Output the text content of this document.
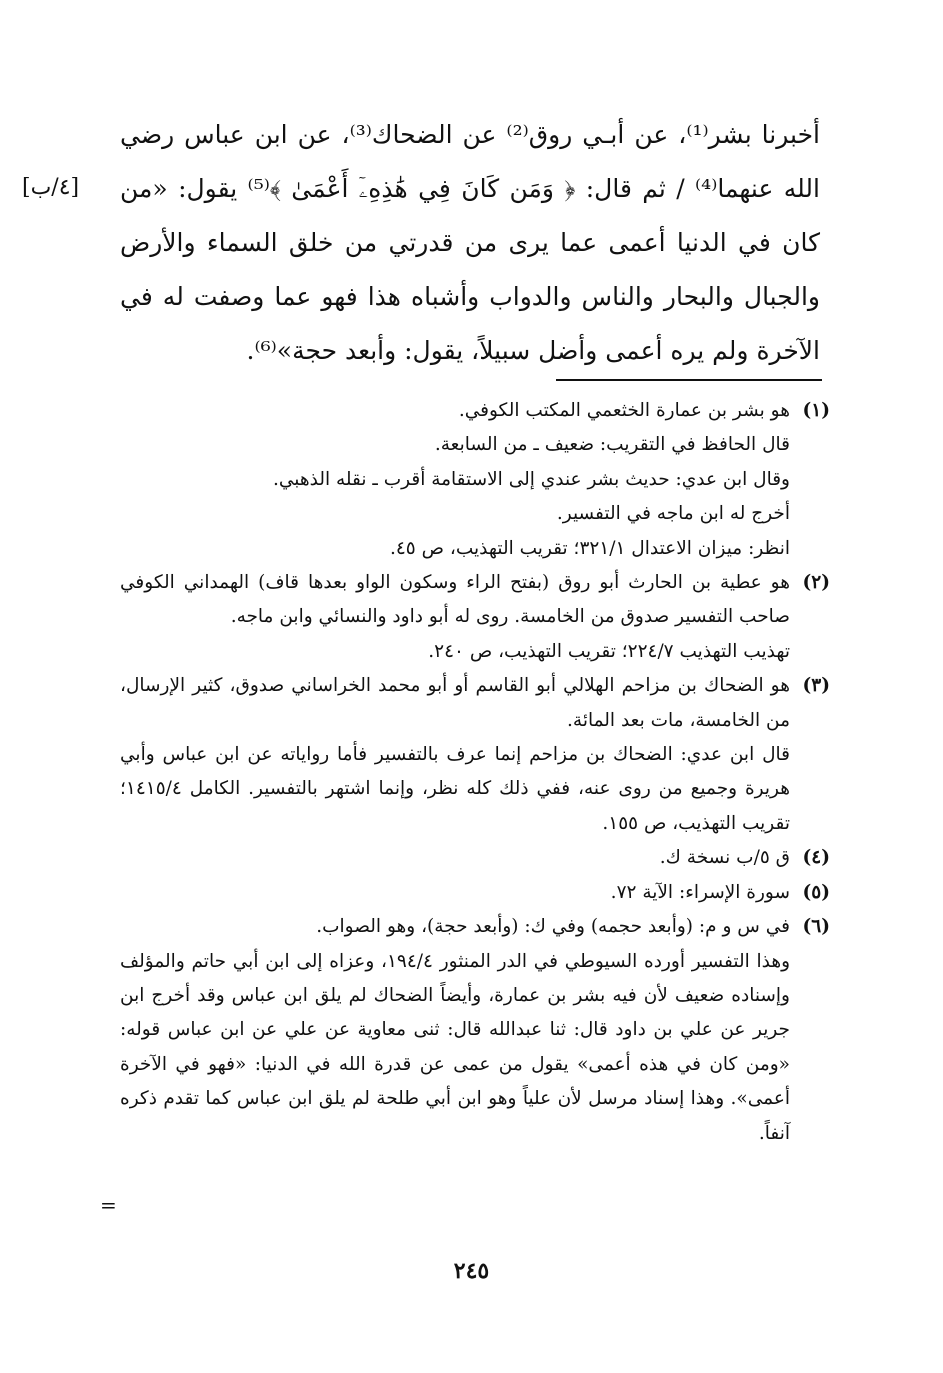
أخبرنا بشر⁽¹⁾، عن أبـي روق⁽²⁾ عن الضحاك⁽³⁾، عن ابن عباس رضي الله عنهما⁽⁴⁾ / ثم قال: ﴿ وَمَن كَانَ فِي هَٰذِهِۦٓ أَعْمَىٰ ﴾⁽⁵⁾ يقول: «من كان في الدنيا أعمى عما يرى من قدرتي من خلق السماء والأرض والجبال والبحار والناس والدواب وأشباه هذا فهو عما وصفت له في الآخرة ولم يره أعمى وأضل سبيلاً، يقول: وأبعد حجة»⁽⁶⁾.

[٤/ب]
(١)
هو بشر بن عمارة الخثعمي المكتب الكوفي.
قال الحافظ في التقريب: ضعيف ـ من السابعة.
وقال ابن عدي: حديث بشر عندي إلى الاستقامة أقرب ـ نقله الذهبي.
أخرج له ابن ماجه في التفسير.
انظر: ميزان الاعتدال ٣٢١/١؛ تقريب التهذيب، ص ٤٥.
(٢)
هو عطية بن الحارث أبو روق (بفتح الراء وسكون الواو بعدها قاف) الهمداني الكوفي صاحب التفسير صدوق من الخامسة. روى له أبو داود والنسائي وابن ماجه.
تهذيب التهذيب ٢٢٤/٧؛ تقريب التهذيب، ص ٢٤٠.
(٣)
هو الضحاك بن مزاحم الهلالي أبو القاسم أو أبو محمد الخراساني صدوق، كثير الإرسال، من الخامسة، مات بعد المائة.
قال ابن عدي: الضحاك بن مزاحم إنما عرف بالتفسير فأما رواياته عن ابن عباس وأبي هريرة وجميع من روى عنه، ففي ذلك كله نظر، وإنما اشتهر بالتفسير. الكامل ١٤١٥/٤؛ تقريب التهذيب، ص ١٥٥.
(٤)
ق ٥/ب نسخة ك.
(٥)
سورة الإسراء: الآية ٧٢.
(٦)
في س و م: (وأبعد حجمه) وفي ك: (وأبعد حجة)، وهو الصواب.
وهذا التفسير أورده السيوطي في الدر المنثور ١٩٤/٤، وعزاه إلى ابن أبي حاتم والمؤلف وإسناده ضعيف لأن فيه بشر بن عمارة، وأيضاً الضحاك لم يلق ابن عباس وقد أخرج ابن جرير عن علي بن داود قال: ثنا عبدالله قال: ثنى معاوية عن علي عن ابن عباس قوله: «ومن كان في هذه أعمى» يقول من عمى عن قدرة الله في الدنيا: «فهو في الآخرة أعمى». وهذا إسناد مرسل لأن علياً وهو ابن أبي طلحة لم يلق ابن عباس كما تقدم ذكره آنفاً.
=
٢٤٥
